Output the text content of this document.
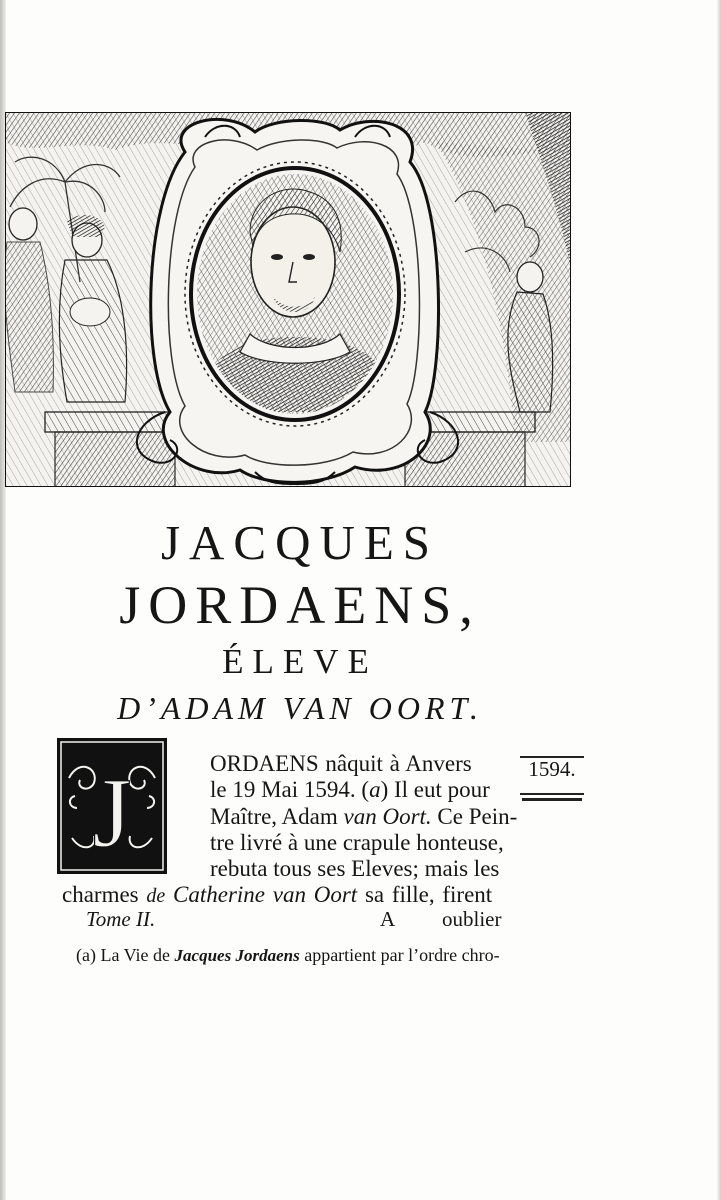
JACQUES
JORDAENS,
ÉLEVE
D’ADAM VAN OORT.
J	ORDAENS nâquit à Anvers
le 19 Mai 1594. (a) Il eut pour
Maître, Adam van Oort. Ce Pein-
tre livré à une crapule honteuse,
rebuta tous ses Eleves; mais les
charmes de Catherine van Oort sa fille, firent
1594.
Tome II.	A oublier
(a) La Vie de Jacques Jordaens appartient par l’ordre chro-
